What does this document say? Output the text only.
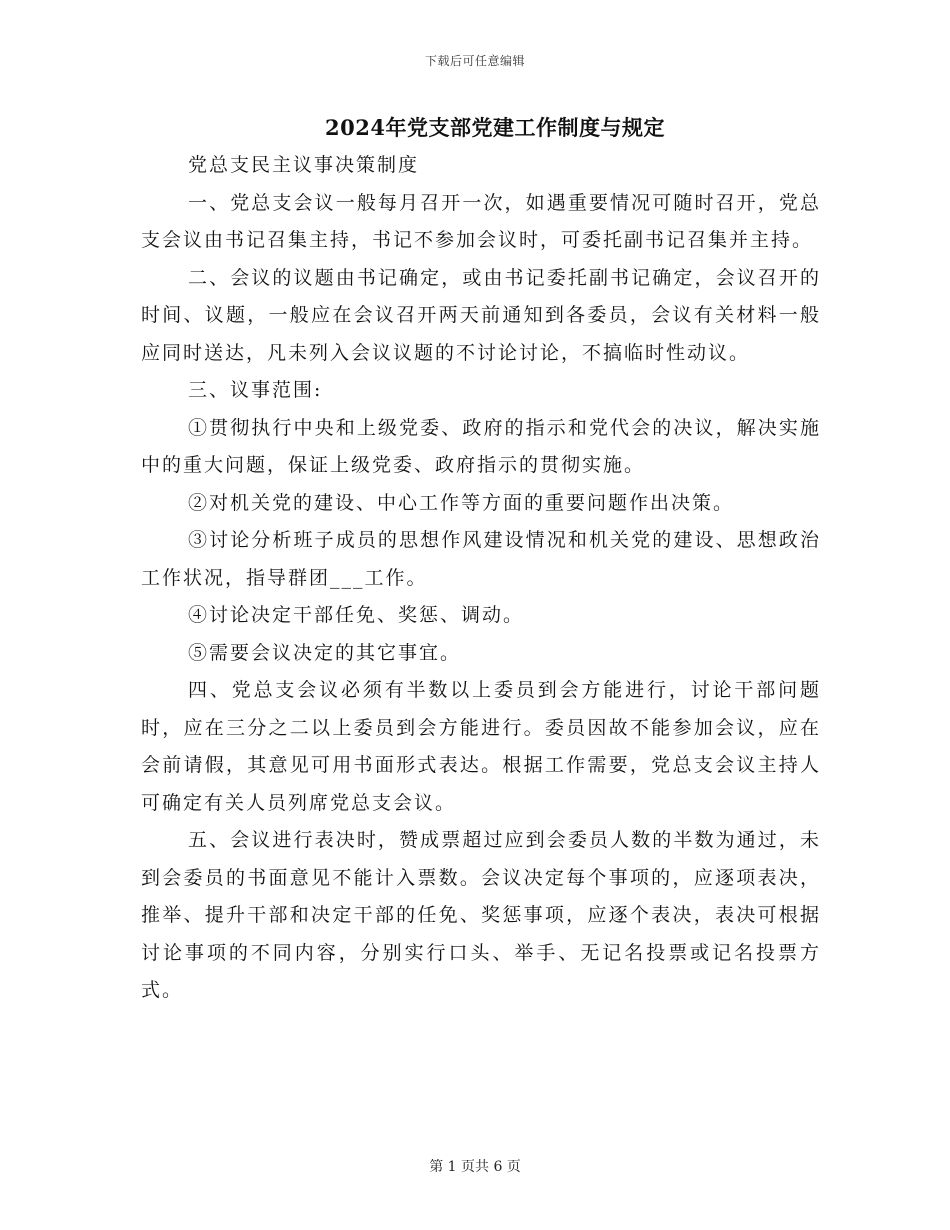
下载后可任意编辑
2024年党支部党建工作制度与规定

党总支民主议事决策制度

一、党总支会议一般每月召开一次，如遇重要情况可随时召开，党总支会议由书记召集主持，书记不参加会议时，可委托副书记召集并主持。

二、会议的议题由书记确定，或由书记委托副书记确定，会议召开的时间、议题，一般应在会议召开两天前通知到各委员，会议有关材料一般应同时送达，凡未列入会议议题的不讨论讨论，不搞临时性动议。

三、议事范围:

①贯彻执行中央和上级党委、政府的指示和党代会的决议，解决实施中的重大问题，保证上级党委、政府指示的贯彻实施。

②对机关党的建设、中心工作等方面的重要问题作出决策。

③讨论分析班子成员的思想作风建设情况和机关党的建设、思想政治工作状况，指导群团___工作。

④讨论决定干部任免、奖惩、调动。

⑤需要会议决定的其它事宜。

四、党总支会议必须有半数以上委员到会方能进行，讨论干部问题时，应在三分之二以上委员到会方能进行。委员因故不能参加会议，应在会前请假，其意见可用书面形式表达。根据工作需要，党总支会议主持人可确定有关人员列席党总支会议。

五、会议进行表决时，赞成票超过应到会委员人数的半数为通过，未到会委员的书面意见不能计入票数。会议决定每个事项的，应逐项表决，推举、提升干部和决定干部的任免、奖惩事项，应逐个表决，表决可根据讨论事项的不同内容，分别实行口头、举手、无记名投票或记名投票方式。

第 1 页共 6 页
